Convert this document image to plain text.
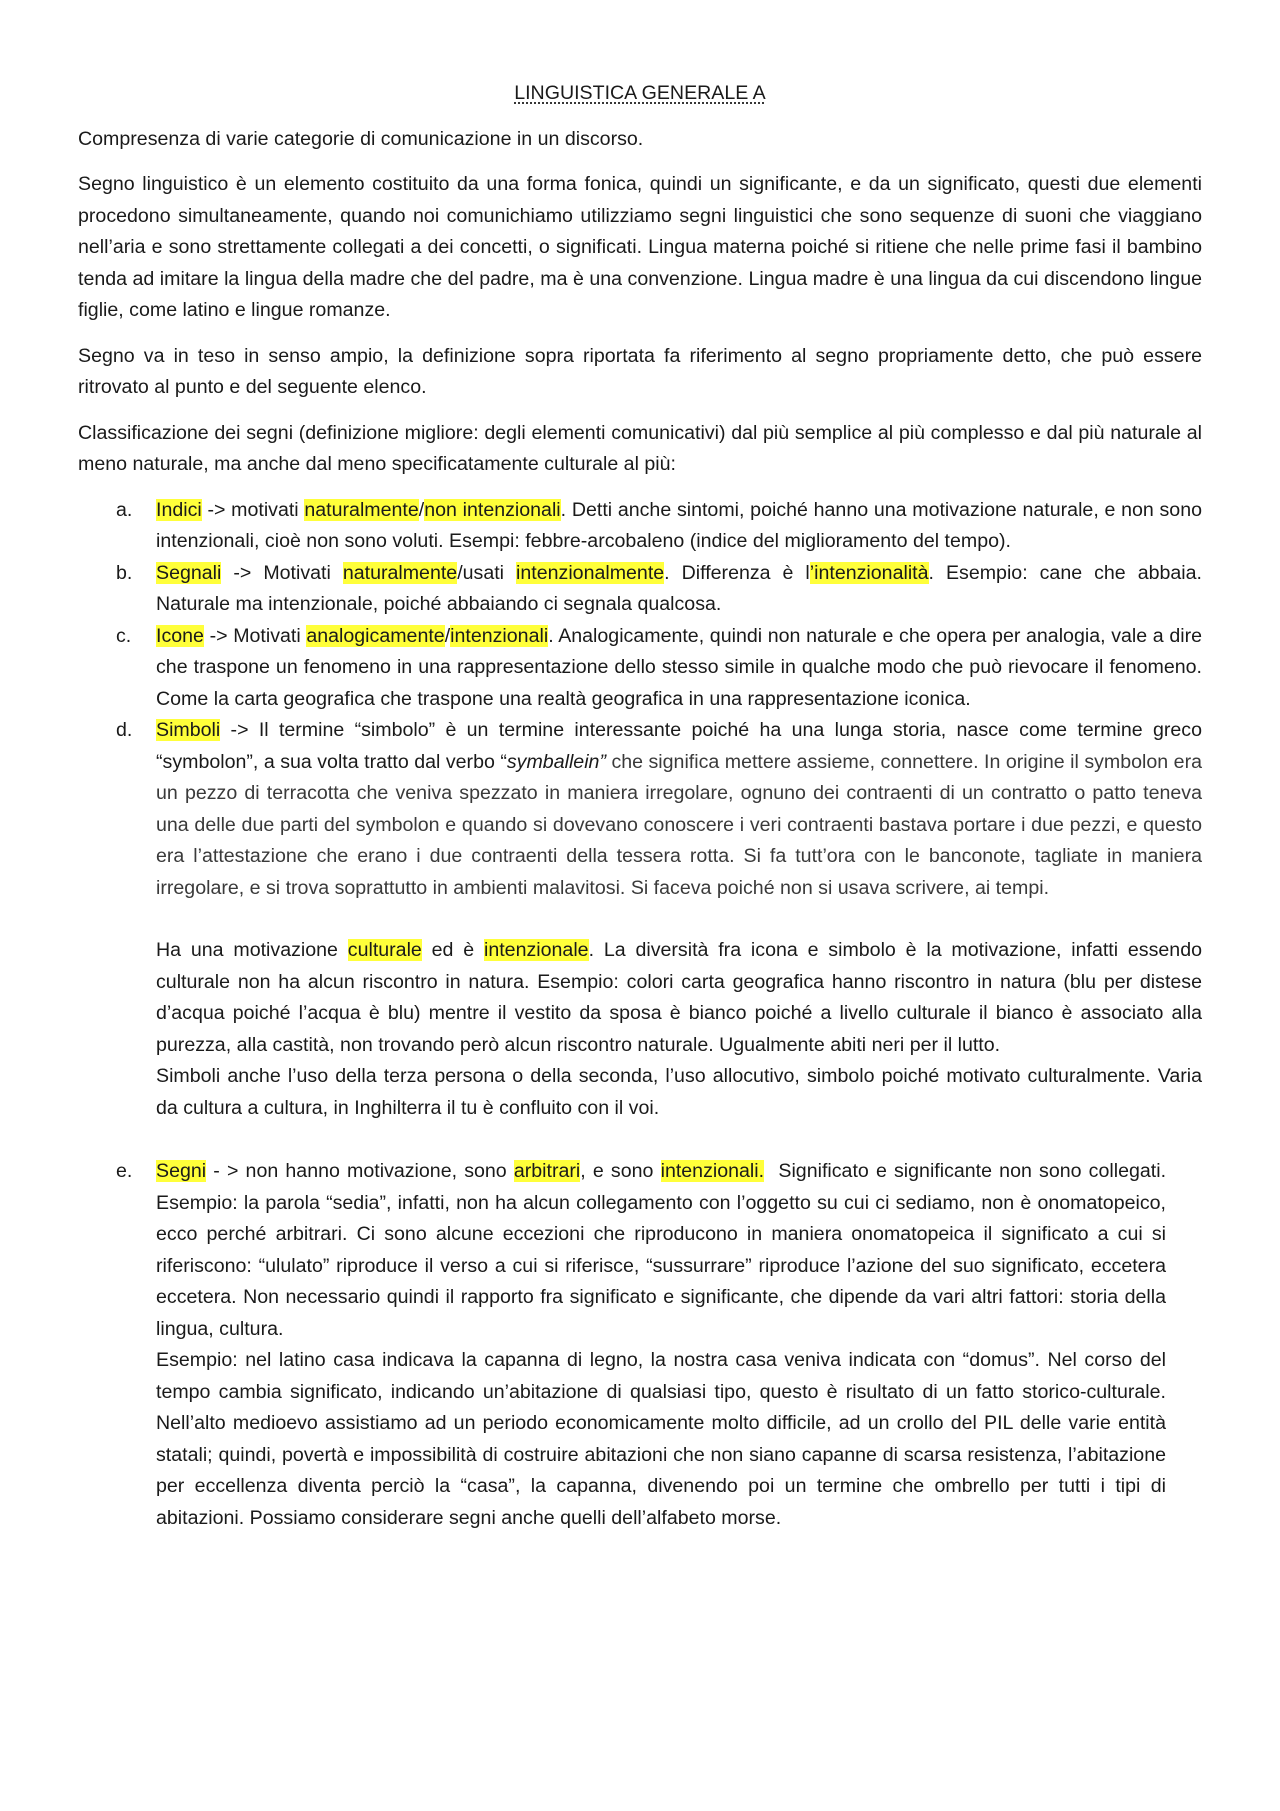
LINGUISTICA GENERALE A

Compresenza di varie categorie di comunicazione in un discorso.

Segno linguistico è un elemento costituito da una forma fonica, quindi un significante, e da un significato, questi due elementi procedono simultaneamente, quando noi comunichiamo utilizziamo segni linguistici che sono sequenze di suoni che viaggiano nell’aria e sono strettamente collegati a dei concetti, o significati. Lingua materna poiché si ritiene che nelle prime fasi il bambino tenda ad imitare la lingua della madre che del padre, ma è una convenzione. Lingua madre è una lingua da cui discendono lingue figlie, come latino e lingue romanze.

Segno va in teso in senso ampio, la definizione sopra riportata fa riferimento al segno propriamente detto, che può essere ritrovato al punto e del seguente elenco.

Classificazione dei segni (definizione migliore: degli elementi comunicativi) dal più semplice al più complesso e dal più naturale al meno naturale, ma anche dal meno specificatamente culturale al più:

a. Indici -> motivati naturalmente/non intenzionali. Detti anche sintomi, poiché hanno una motivazione naturale, e non sono intenzionali, cioè non sono voluti. Esempi: febbre-arcobaleno (indice del miglioramento del tempo).
b. Segnali -> Motivati naturalmente/usati intenzionalmente. Differenza è l’intenzionalità. Esempio: cane che abbaia. Naturale ma intenzionale, poiché abbaiando ci segnala qualcosa.
c. Icone -> Motivati analogicamente/intenzionali. Analogicamente, quindi non naturale e che opera per analogia, vale a dire che traspone un fenomeno in una rappresentazione dello stesso simile in qualche modo che può rievocare il fenomeno. Come la carta geografica che traspone una realtà geografica in una rappresentazione iconica.
d. Simboli -> Il termine “simbolo” è un termine interessante poiché ha una lunga storia, nasce come termine greco “symbolon”, a sua volta tratto dal verbo “symballein” che significa mettere assieme, connettere. In origine il symbolon era un pezzo di terracotta che veniva spezzato in maniera irregolare, ognuno dei contraenti di un contratto o patto teneva una delle due parti del symbolon e quando si dovevano conoscere i veri contraenti bastava portare i due pezzi, e questo era l’attestazione che erano i due contraenti della tessera rotta. Si fa tutt’ora con le banconote, tagliate in maniera irregolare, e si trova soprattutto in ambienti malavitosi. Si faceva poiché non si usava scrivere, ai tempi.

Ha una motivazione culturale ed è intenzionale. La diversità fra icona e simbolo è la motivazione, infatti essendo culturale non ha alcun riscontro in natura. Esempio: colori carta geografica hanno riscontro in natura (blu per distese d’acqua poiché l’acqua è blu) mentre il vestito da sposa è bianco poiché a livello culturale il bianco è associato alla purezza, alla castità, non trovando però alcun riscontro naturale. Ugualmente abiti neri per il lutto.

Simboli anche l’uso della terza persona o della seconda, l’uso allocutivo, simbolo poiché motivato culturalmente. Varia da cultura a cultura, in Inghilterra il tu è confluito con il voi.

e. Segni - > non hanno motivazione, sono arbitrari, e sono intenzionali.  Significato e significante non sono collegati. Esempio: la parola “sedia”, infatti, non ha alcun collegamento con l’oggetto su cui ci sediamo, non è onomatopeico, ecco perché arbitrari. Ci sono alcune eccezioni che riproducono in maniera onomatopeica il significato a cui si riferiscono: “ululato” riproduce il verso a cui si riferisce, “sussurrare” riproduce l’azione del suo significato, eccetera eccetera. Non necessario quindi il rapporto fra significato e significante, che dipende da vari altri fattori: storia della lingua, cultura.

Esempio: nel latino casa indicava la capanna di legno, la nostra casa veniva indicata con “domus”. Nel corso del tempo cambia significato, indicando un’abitazione di qualsiasi tipo, questo è risultato di un fatto storico-culturale. Nell’alto medioevo assistiamo ad un periodo economicamente molto difficile, ad un crollo del PIL delle varie entità statali; quindi, povertà e impossibilità di costruire abitazioni che non siano capanne di scarsa resistenza, l’abitazione per eccellenza diventa perciò la “casa”, la capanna, divenendo poi un termine che ombrello per tutti i tipi di abitazioni. Possiamo considerare segni anche quelli dell’alfabeto morse.
